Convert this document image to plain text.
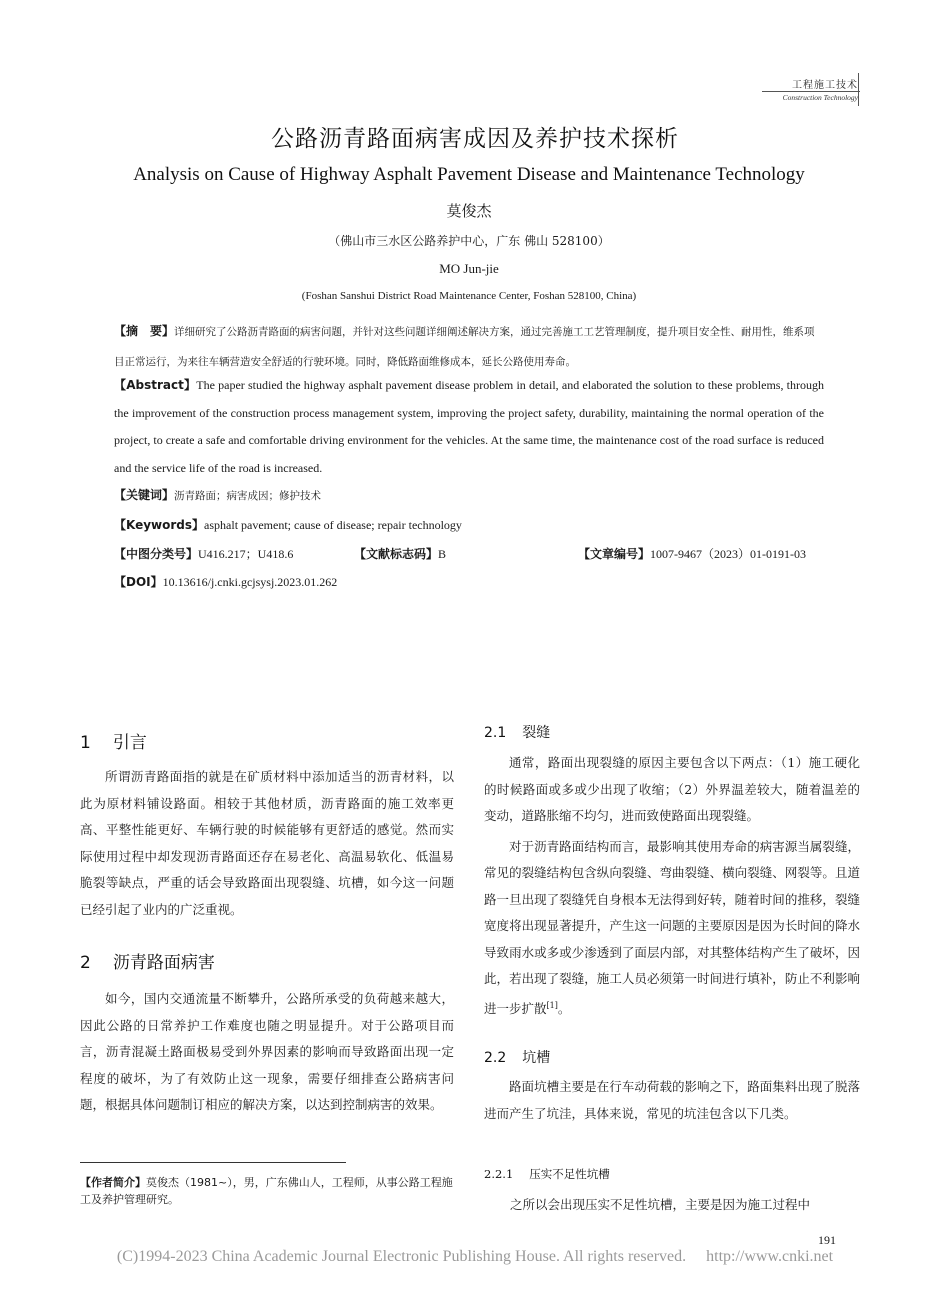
工程施工技术
Construction Technology
公路沥青路面病害成因及养护技术探析
Analysis on Cause of Highway Asphalt Pavement Disease and Maintenance Technology
莫俊杰
（佛山市三水区公路养护中心，广东 佛山 528100）
MO Jun-jie
(Foshan Sanshui District Road Maintenance Center, Foshan 528100, China)
【摘　要】详细研究了公路沥青路面的病害问题，并针对这些问题详细阐述解决方案，通过完善施工工艺管理制度，提升项目安全性、耐用性，维系项目正常运行，为来往车辆营造安全舒适的行驶环境。同时，降低路面维修成本，延长公路使用寿命。
【Abstract】The paper studied the highway asphalt pavement disease problem in detail, and elaborated the solution to these problems, through the improvement of the construction process management system, improving the project safety, durability, maintaining the normal operation of the project, to create a safe and comfortable driving environment for the vehicles. At the same time, the maintenance cost of the road surface is reduced and the service life of the road is increased.
【关键词】沥青路面；病害成因；修护技术
【Keywords】asphalt pavement; cause of disease; repair technology
【中图分类号】U416.217；U418.6	【文献标志码】B	【文章编号】1007-9467（2023）01-0191-03
【DOI】10.13616/j.cnki.gcjsysj.2023.01.262
1 引言

所谓沥青路面指的就是在矿质材料中添加适当的沥青材料，以此为原材料铺设路面。相较于其他材质，沥青路面的施工效率更高、平整性能更好、车辆行驶的时候能够有更舒适的感觉。然而实际使用过程中却发现沥青路面还存在易老化、高温易软化、低温易脆裂等缺点，严重的话会导致路面出现裂缝、坑槽，如今这一问题已经引起了业内的广泛重视。

2 沥青路面病害

如今，国内交通流量不断攀升，公路所承受的负荷越来越大，因此公路的日常养护工作难度也随之明显提升。对于公路项目而言，沥青混凝土路面极易受到外界因素的影响而导致路面出现一定程度的破坏，为了有效防止这一现象，需要仔细排查公路病害问题，根据具体问题制订相应的解决方案，以达到控制病害的效果。

【作者简介】莫俊杰（1981~），男，广东佛山人，工程师，从事公路工程施工及养护管理研究。
2.1 裂缝

通常，路面出现裂缝的原因主要包含以下两点：（1）施工硬化的时候路面或多或少出现了收缩；（2）外界温差较大，随着温差的变动，道路胀缩不均匀，进而致使路面出现裂缝。

对于沥青路面结构而言，最影响其使用寿命的病害源当属裂缝，常见的裂缝结构包含纵向裂缝、弯曲裂缝、横向裂缝、网裂等。且道路一旦出现了裂缝凭自身根本无法得到好转，随着时间的推移，裂缝宽度将出现显著提升，产生这一问题的主要原因是因为长时间的降水导致雨水或多或少渗透到了面层内部，对其整体结构产生了破坏，因此，若出现了裂缝，施工人员必须第一时间进行填补，防止不利影响进一步扩散[1]。

2.2 坑槽

路面坑槽主要是在行车动荷载的影响之下，路面集料出现了脱落进而产生了坑洼，具体来说，常见的坑洼包含以下几类。

2.2.1 压实不足性坑槽

之所以会出现压实不足性坑槽，主要是因为施工过程中

191
(C)1994-2023 China Academic Journal Electronic Publishing House. All rights reserved.　 http://www.cnki.net
